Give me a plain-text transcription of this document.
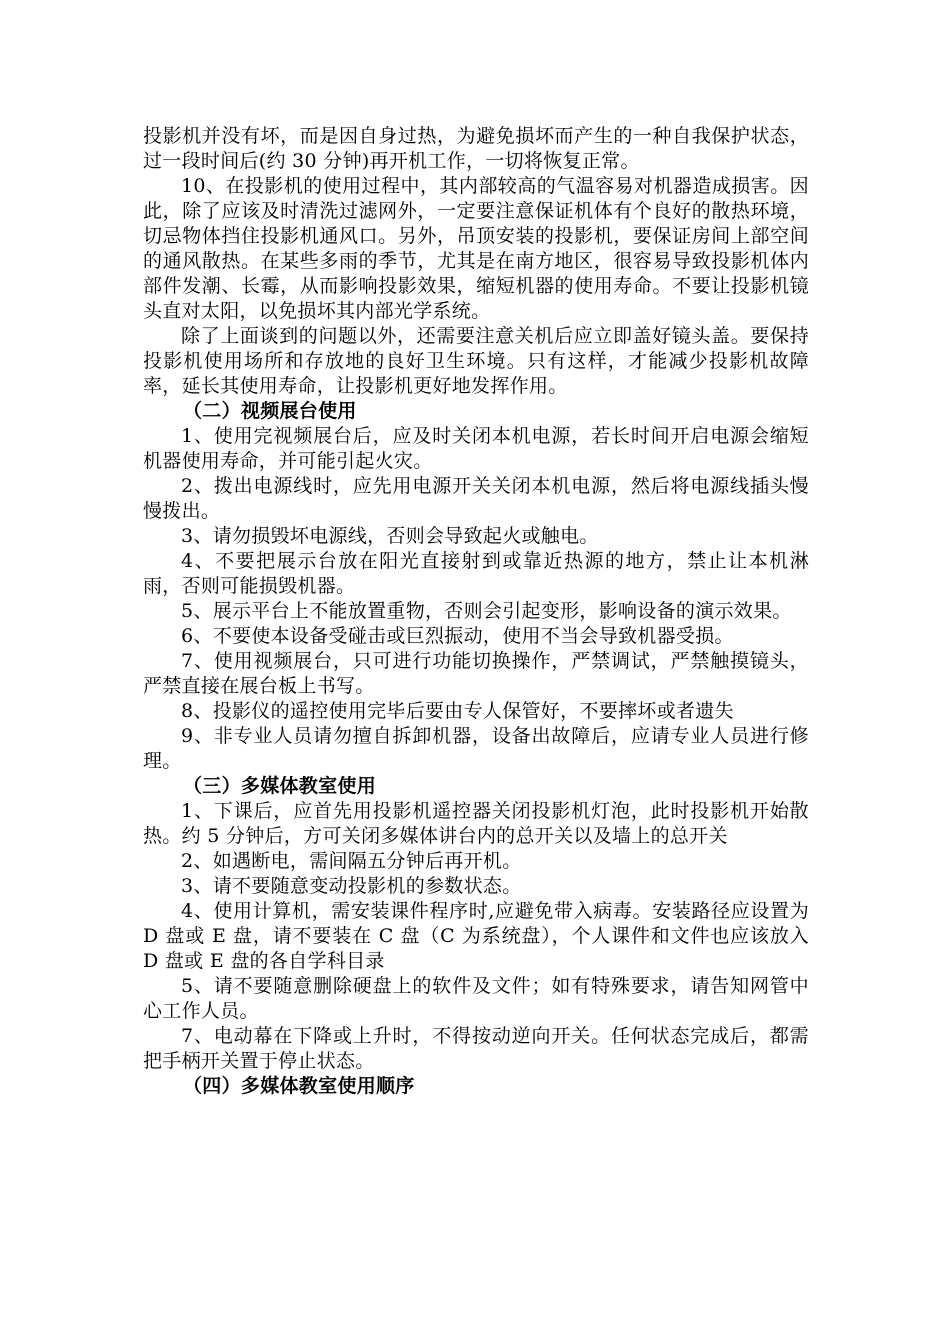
投影机并没有坏，而是因自身过热，为避免损坏而产生的一种自我保护状态，过一段时间后(约 30 分钟)再开机工作，一切将恢复正常。

10、在投影机的使用过程中，其内部较高的气温容易对机器造成损害。因此，除了应该及时清洗过滤网外，一定要注意保证机体有个良好的散热环境，切忌物体挡住投影机通风口。另外，吊顶安装的投影机，要保证房间上部空间的通风散热。在某些多雨的季节，尤其是在南方地区，很容易导致投影机体内部件发潮、长霉，从而影响投影效果，缩短机器的使用寿命。不要让投影机镜头直对太阳，以免损坏其内部光学系统。

除了上面谈到的问题以外，还需要注意关机后应立即盖好镜头盖。要保持投影机使用场所和存放地的良好卫生环境。只有这样，才能减少投影机故障率，延长其使用寿命，让投影机更好地发挥作用。

（二）视频展台使用

1、使用完视频展台后，应及时关闭本机电源，若长时间开启电源会缩短机器使用寿命，并可能引起火灾。

2、拨出电源线时，应先用电源开关关闭本机电源，然后将电源线插头慢慢拨出。

3、请勿损毁坏电源线，否则会导致起火或触电。

4、不要把展示台放在阳光直接射到或靠近热源的地方，禁止让本机淋雨，否则可能损毁机器。

5、展示平台上不能放置重物，否则会引起变形，影响设备的演示效果。

6、不要使本设备受碰击或巨烈振动，使用不当会导致机器受损。

7、使用视频展台，只可进行功能切换操作，严禁调试，严禁触摸镜头，严禁直接在展台板上书写。

8、投影仪的遥控使用完毕后要由专人保管好，不要摔坏或者遗失

9、非专业人员请勿擅自拆卸机器，设备出故障后，应请专业人员进行修理。

（三）多媒体教室使用

1、下课后，应首先用投影机遥控器关闭投影机灯泡，此时投影机开始散热。约 5 分钟后，方可关闭多媒体讲台内的总开关以及墙上的总开关

2、如遇断电，需间隔五分钟后再开机。

3、请不要随意变动投影机的参数状态。

4、使用计算机，需安装课件程序时,应避免带入病毒。安装路径应设置为 D 盘或 E 盘，请不要装在 C 盘（C 为系统盘），个人课件和文件也应该放入 D 盘或 E 盘的各自学科目录

5、请不要随意删除硬盘上的软件及文件；如有特殊要求，请告知网管中心工作人员。

7、电动幕在下降或上升时，不得按动逆向开关。任何状态完成后，都需把手柄开关置于停止状态。

（四）多媒体教室使用顺序
